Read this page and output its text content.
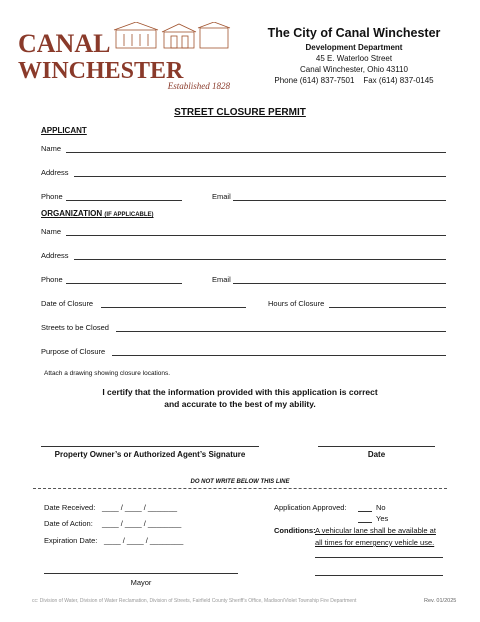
CANAL
WINCHESTER
Established 1828
The City of Canal Winchester
Development Department
45 E. Waterloo Street
Canal Winchester, Ohio 43110
Phone (614) 837-7501 Fax (614) 837-0145
STREET CLOSURE PERMIT
APPLICANT
Name
Address
Phone	Email
ORGANIZATION (IF APPLICABLE)
Name
Address
Phone	Email
Date of Closure	Hours of Closure
Streets to be Closed
Purpose of Closure
Attach a drawing showing closure locations.
I certify that the information provided with this application is correct
and accurate to the best of my ability.
Property Owner’s or Authorized Agent’s Signature	Date
DO NOT WRITE BELOW THIS LINE
Date Received: ____ / ____ / _______
Date of Action: ____ / ____ / ________
Expiration Date: ____ / ____ / ________
Application Approved:	No
Yes
Conditions: A vehicular lane shall be available at
all times for emergency vehicle use.
Mayor
cc: Division of Water, Division of Water Reclamation, Division of Streets, Fairfield County Sheriff’s Office, Madison/Violet Township Fire Department	Rev. 01/2025
